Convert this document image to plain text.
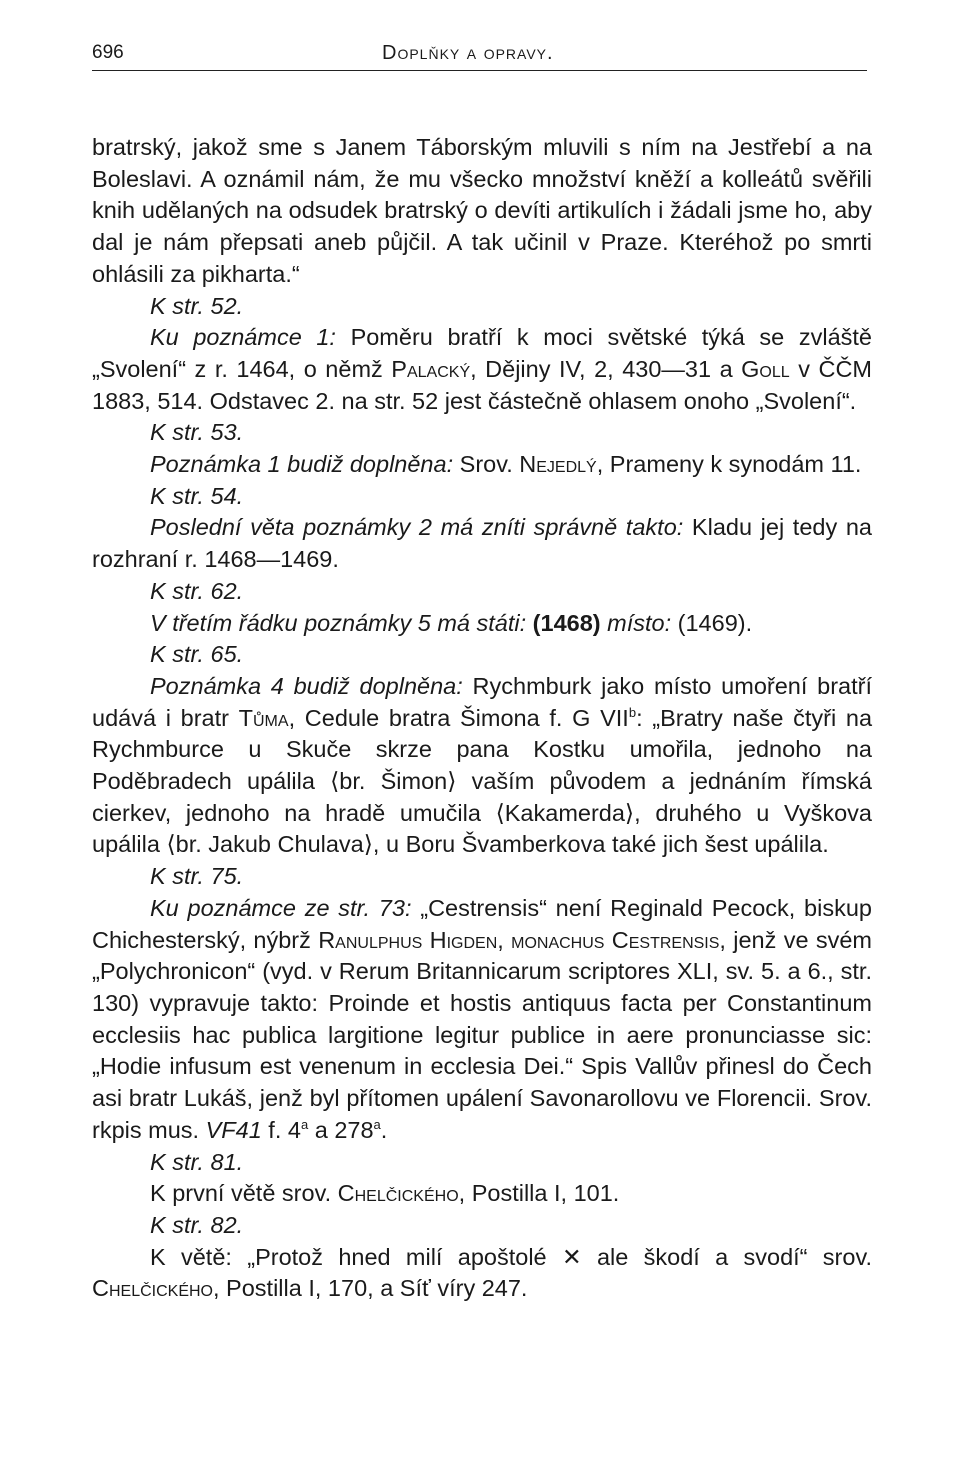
696	Doplňky a opravy.

bratrský, jakož sme s Janem Táborským mluvili s ním na Jestřebí a na Boleslavi. A oznámil nám, že mu všecko množství kněží a kolleátů svěřili knih udělaných na odsudek bratrský o devíti artikulích i žádali jsme ho, aby dal je nám přepsati aneb půjčil. A tak učinil v Praze. Kteréhož po smrti ohlásili za pikharta.“

K str. 52.

Ku poznámce 1: Poměru bratří k moci světské týká se zvláště „Svolení“ z r. 1464, o němž Palacký, Dějiny IV, 2, 430—31 a Goll v ČČM 1883, 514. Odstavec 2. na str. 52 jest částečně ohlasem onoho „Svolení“.

K str. 53.

Poznámka 1 budiž doplněna: Srov. Nejedlý, Prameny k synodám 11.

K str. 54.

Poslední věta poznámky 2 má zníti správně takto: Kladu jej tedy na rozhraní r. 1468—1469.

K str. 62.

V třetím řádku poznámky 5 má státi: (1468) místo: (1469).

K str. 65.

Poznámka 4 budiž doplněna: Rychmburk jako místo umoření bratří udává i bratr Tůma, Cedule bratra Šimona f. G VII$^b$: „Bratry naše čtyři na Rychmburce u Skuče skrze pana Kostku umořila, jednoho na Poděbradech upálila ⟨br. Šimon⟩ vaším původem a jednáním římská cierkev, jednoho na hradě umučila ⟨Kakamerda⟩, druhého u Vyškova upálila ⟨br. Jakub Chulava⟩, u Boru Švamberkova také jich šest upálila.

K str. 75.

Ku poznámce ze str. 73: „Cestrensis“ není Reginald Pecock, biskup Chichesterský, nýbrž Ranulphus Higden, monachus Cestrensis, jenž ve svém „Polychronicon“ (vyd. v Rerum Britannicarum scriptores XLI, sv. 5. a 6., str. 130) vypravuje takto: Proinde et hostis antiquus facta per Constantinum ecclesiis hac publica largitione legitur publice in aere pronunciasse sic: „Hodie infusum est venenum in ecclesia Dei.“ Spis Vallův přinesl do Čech asi bratr Lukáš, jenž byl přítomen upálení Savonarollovu ve Florencii. Srov. rkpis mus. VF41 f. 4$^a$ a 278$^a$.

K str. 81.

K první větě srov. Chelčického, Postilla I, 101.

K str. 82.

K větě: „Protož hned milí apoštolé ✕ ale škodí a svodí“ srov. Chelčického, Postilla I, 170, a Síť víry 247.
